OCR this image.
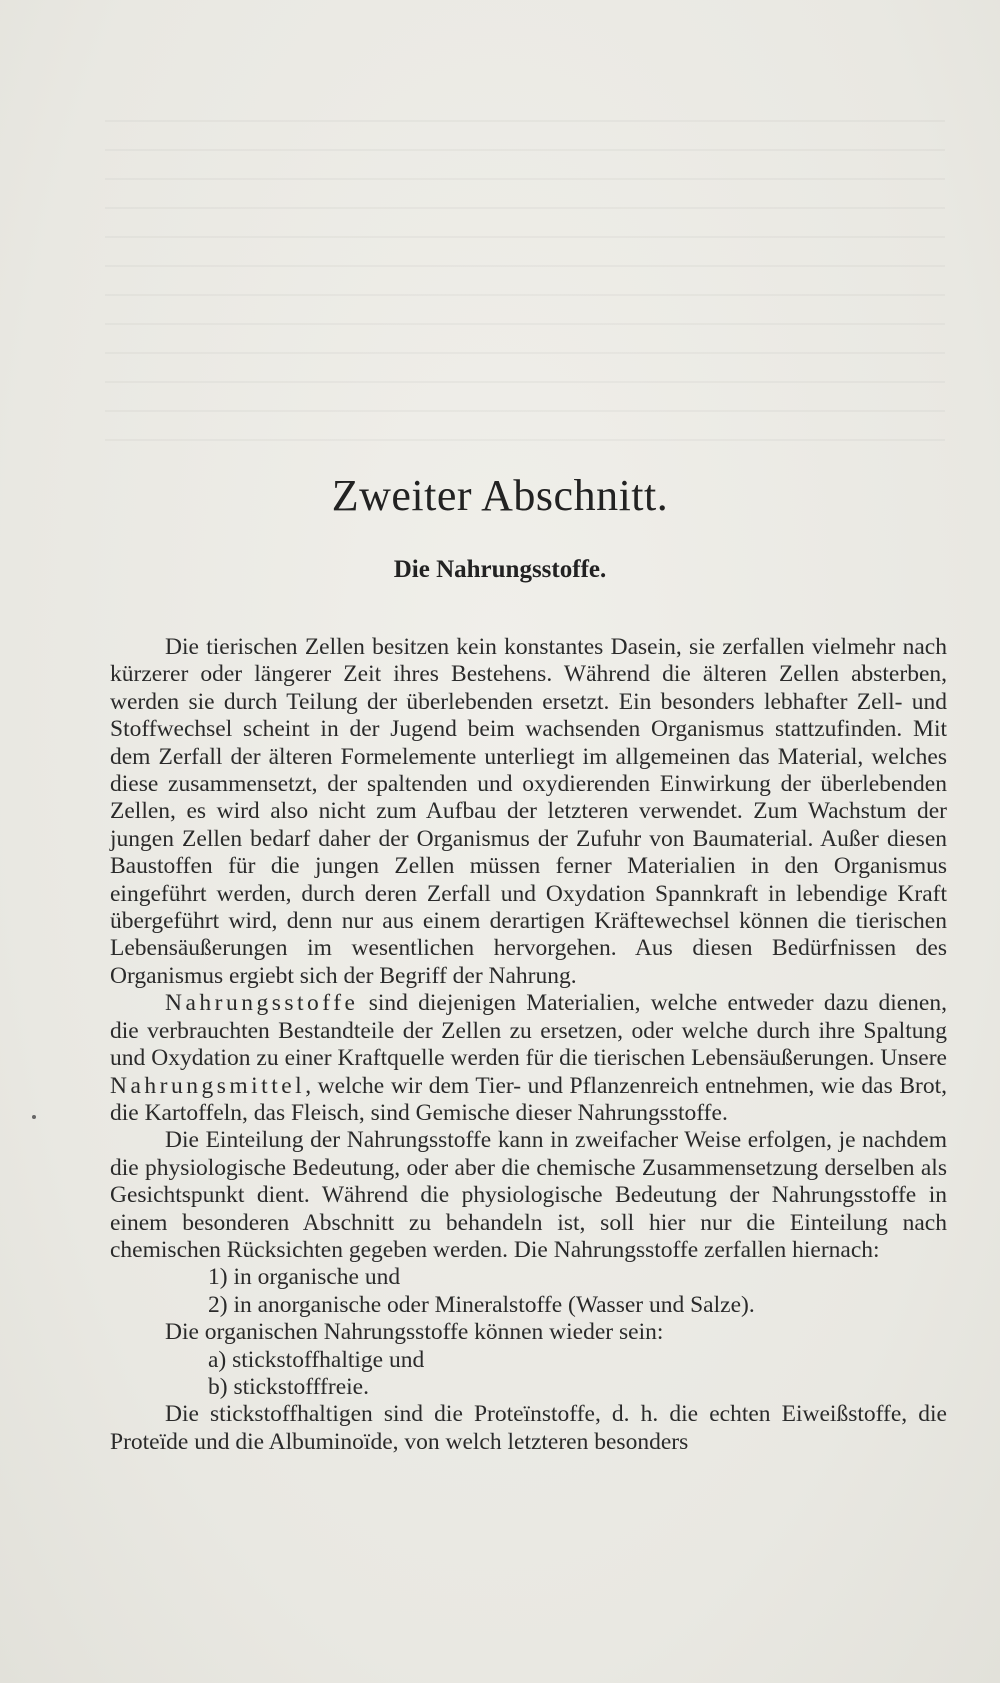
Zweiter Abschnitt.
Die Nahrungsstoffe.

Die tierischen Zellen besitzen kein konstantes Dasein, sie zerfallen vielmehr nach kürzerer oder längerer Zeit ihres Bestehens. Während die älteren Zellen absterben, werden sie durch Teilung der überlebenden ersetzt. Ein besonders lebhafter Zell- und Stoffwechsel scheint in der Jugend beim wachsenden Organismus stattzufinden. Mit dem Zerfall der älteren Formelemente unterliegt im allgemeinen das Material, welches diese zusammensetzt, der spaltenden und oxydierenden Einwirkung der überlebenden Zellen, es wird also nicht zum Aufbau der letzteren verwendet. Zum Wachstum der jungen Zellen bedarf daher der Organismus der Zufuhr von Baumaterial. Außer diesen Baustoffen für die jungen Zellen müssen ferner Materialien in den Organismus eingeführt werden, durch deren Zerfall und Oxydation Spannkraft in lebendige Kraft übergeführt wird, denn nur aus einem derartigen Kräftewechsel können die tierischen Lebensäußerungen im wesentlichen hervorgehen. Aus diesen Bedürfnissen des Organismus ergiebt sich der Begriff der Nahrung.

Nahrungsstoffe sind diejenigen Materialien, welche entweder dazu dienen, die verbrauchten Bestandteile der Zellen zu ersetzen, oder welche durch ihre Spaltung und Oxydation zu einer Kraftquelle werden für die tierischen Lebensäußerungen. Unsere Nahrungsmittel, welche wir dem Tier- und Pflanzenreich entnehmen, wie das Brot, die Kartoffeln, das Fleisch, sind Gemische dieser Nahrungsstoffe.

Die Einteilung der Nahrungsstoffe kann in zweifacher Weise erfolgen, je nachdem die physiologische Bedeutung, oder aber die chemische Zusammensetzung derselben als Gesichtspunkt dient. Während die physiologische Bedeutung der Nahrungsstoffe in einem besonderen Abschnitt zu behandeln ist, soll hier nur die Einteilung nach chemischen Rücksichten gegeben werden. Die Nahrungsstoffe zerfallen hiernach:

1) in organische und

2) in anorganische oder Mineralstoffe (Wasser und Salze).

Die organischen Nahrungsstoffe können wieder sein:

a) stickstoffhaltige und

b) stickstofffreie.

Die stickstoffhaltigen sind die Proteïnstoffe, d. h. die echten Eiweißstoffe, die Proteïde und die Albuminoïde, von welch letzteren besonders
